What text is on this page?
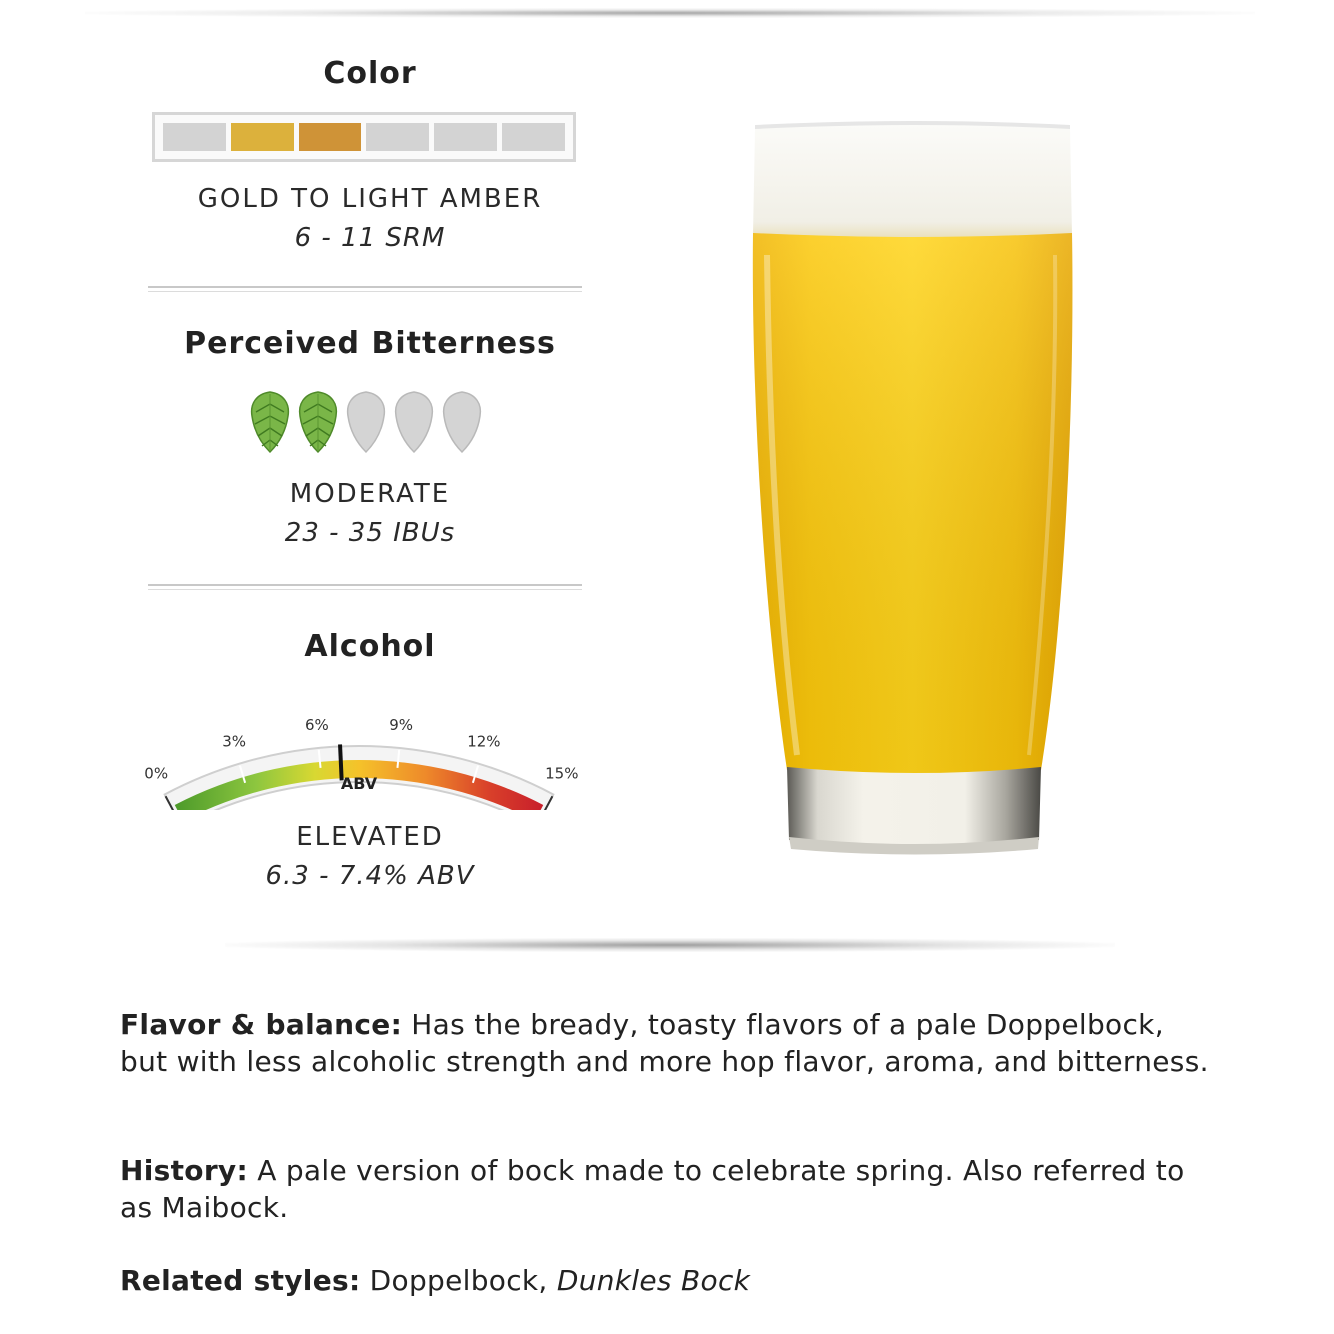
Color
GOLD TO LIGHT AMBER
6 - 11 SRM
Perceived Bitterness
MODERATE
23 - 35 IBUs
Alcohol
0%
3%
6%	9%
12%
15%
ABV
ELEVATED
6.3 - 7.4% ABV
Flavor & balance: Has the bready, toasty flavors of a pale Doppelbock, but with less alcoholic strength and more hop flavor, aroma, and bitterness.
History: A pale version of bock made to celebrate spring. Also referred to as Maibock.
Related styles: Doppelbock, Dunkles Bock
